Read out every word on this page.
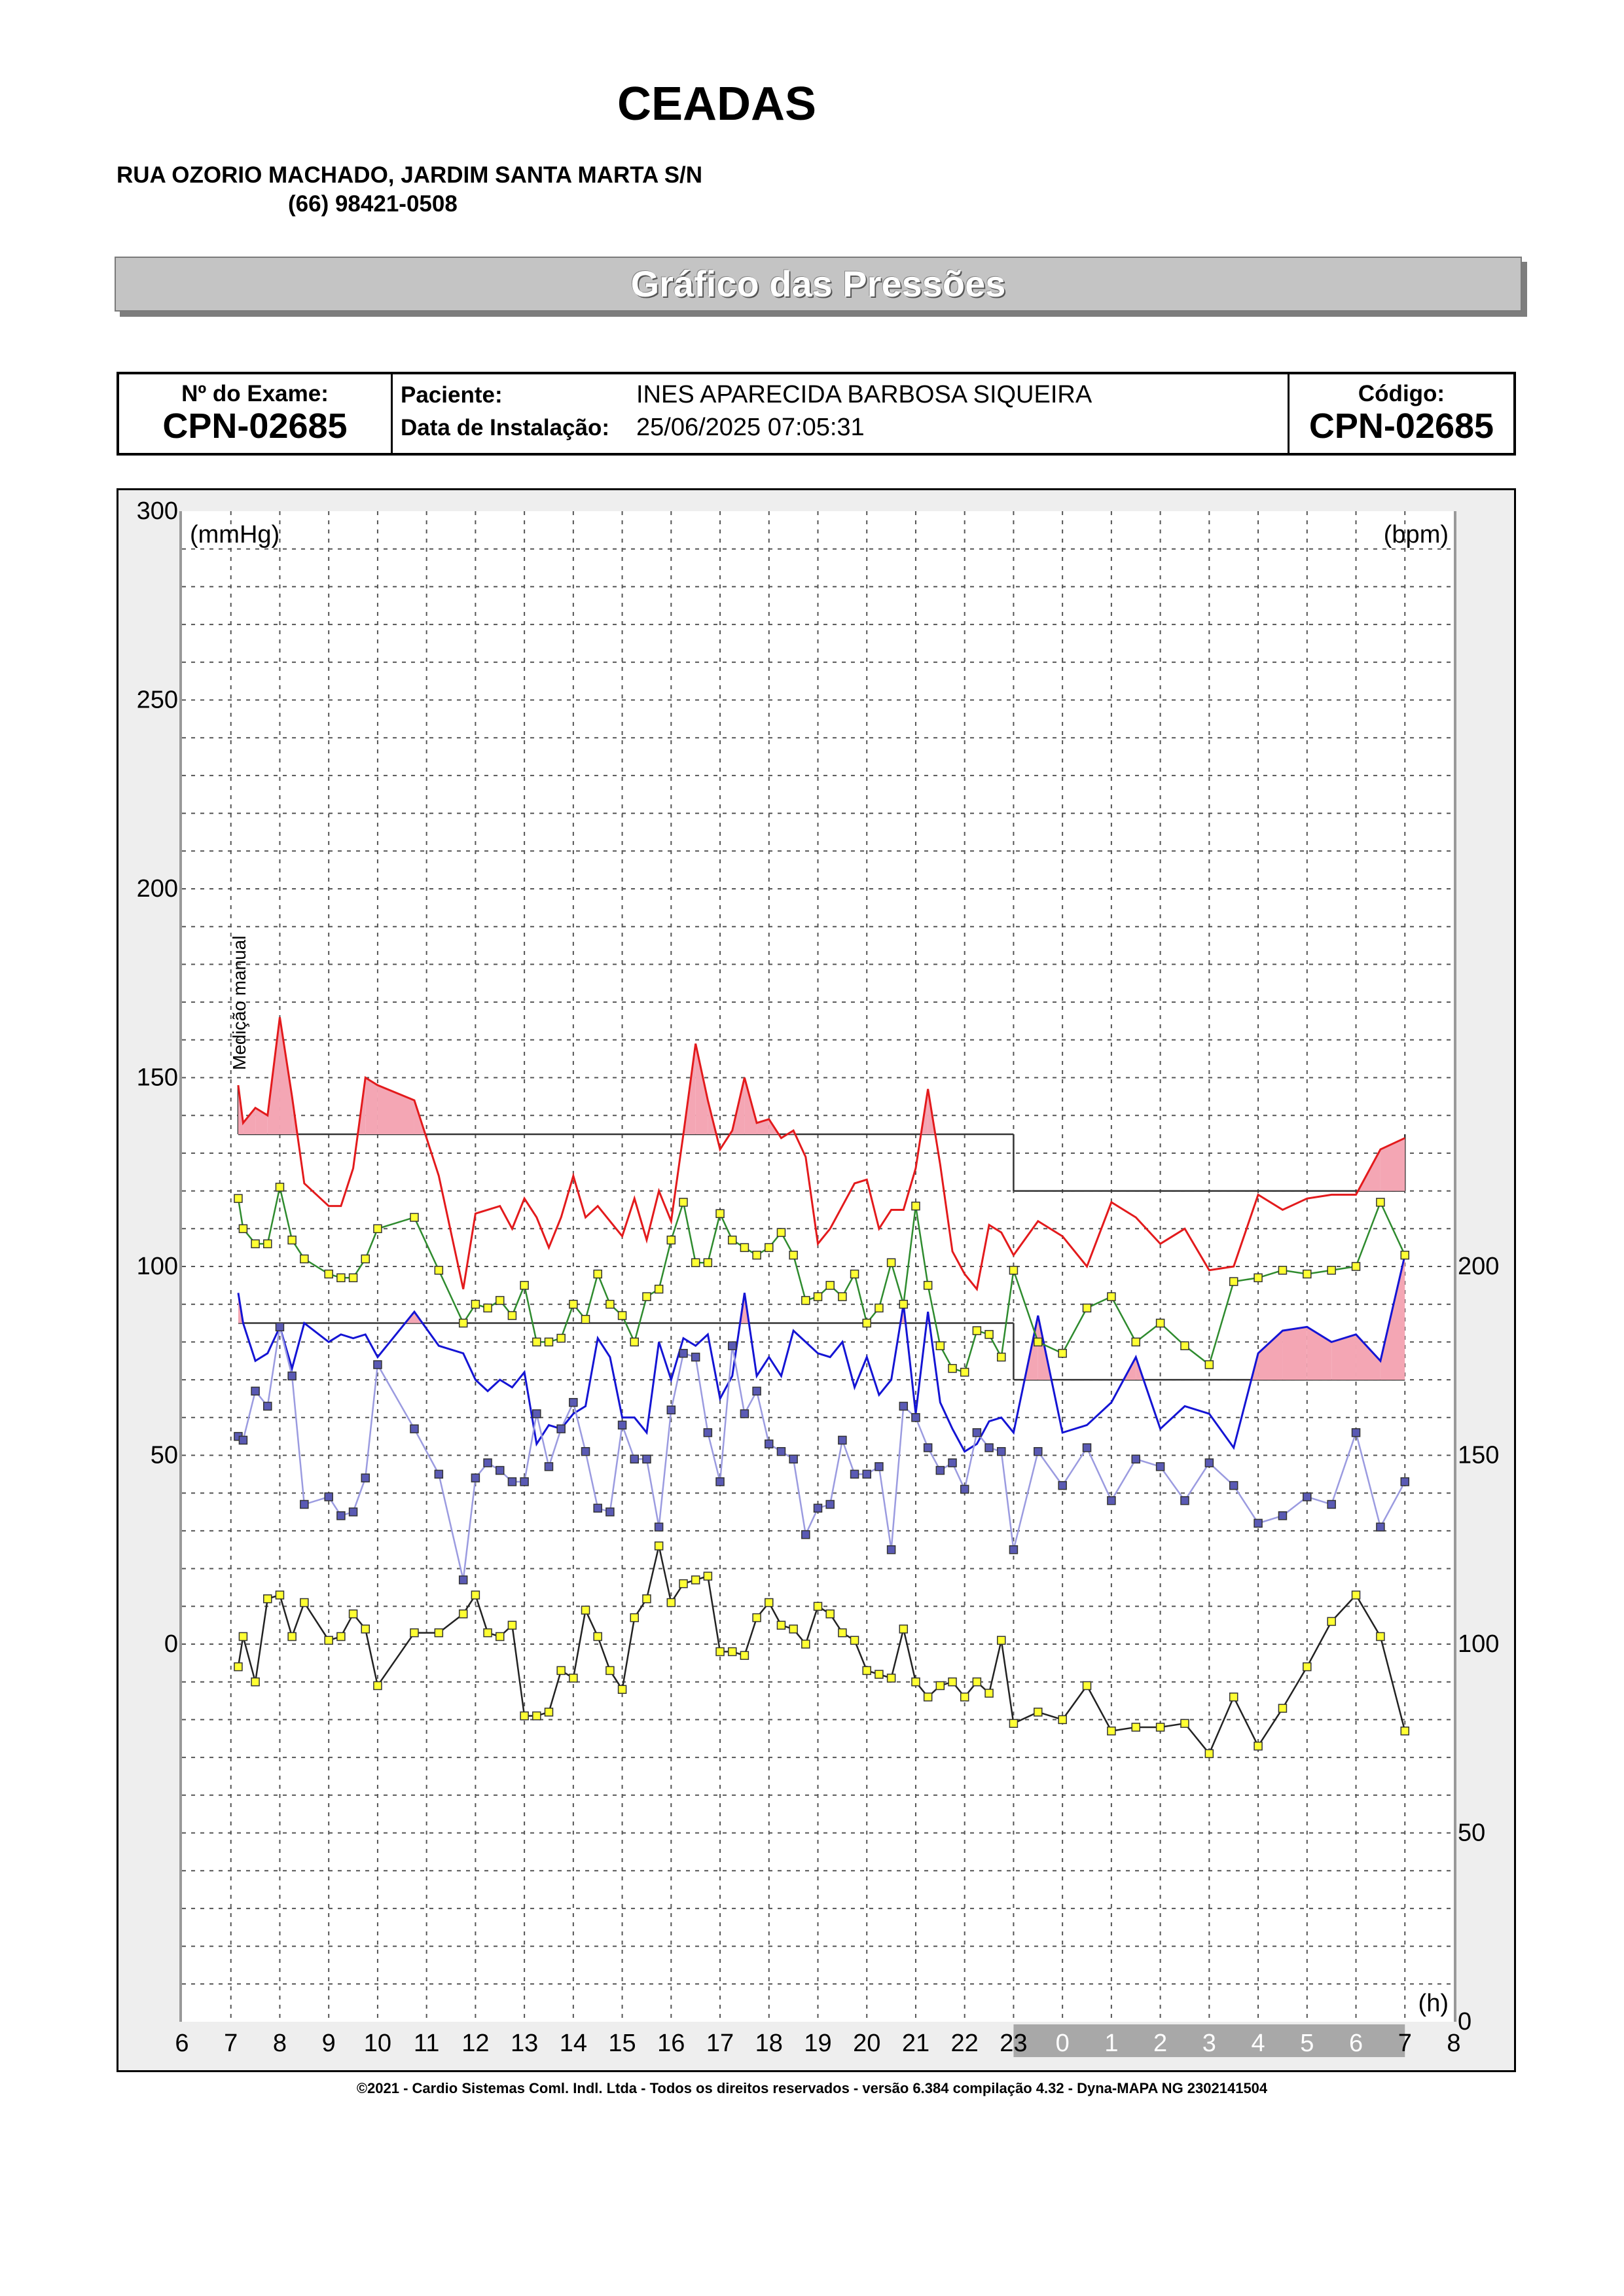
CEADAS
RUA OZORIO MACHADO, JARDIM SANTA MARTA S/N
(66) 98421-0508
Gráfico das Pressões
Nº do Exame:
CPN-02685
Paciente:	INES APARECIDA BARBOSA SIQUEIRA
Data de Instalação: 25/06/2025 07:05:31
Código:
CPN-02685
300
250
200
150
100
50
0
200
150
100
50
0
6 7 8 9 10 11 12 13 14 15 16 17 18 19 20 21 22 23 0 1 2 3 4 5 6 7 8
(mmHg)	(bpm)
(h)
Medição manual
©2021 - Cardio Sistemas Coml. Indl. Ltda - Todos os direitos reservados - versão 6.384 compilação 4.32 - Dyna-MAPA NG 2302141504
